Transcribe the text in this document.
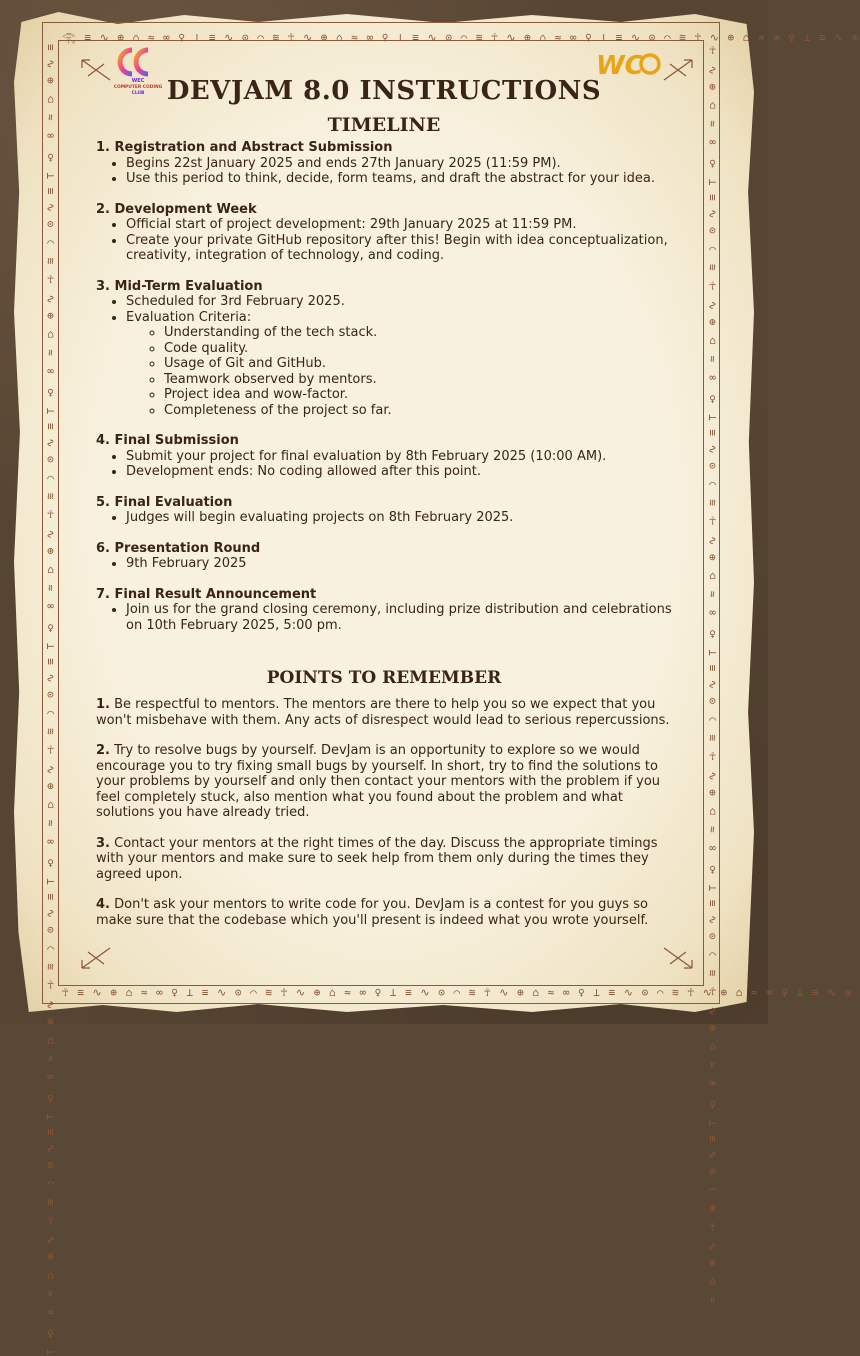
𓂀 ≡ ∿ ⊕ ⌂ ≈ ∞ ♀ ⊥ ≡ ∿ ⊙ ⌒ ≋ ☥ ∿ ⊕ ⌂ ≈ ∞ ♀ ⊥ ≡ ∿ ⊙ ⌒ ≋ ☥ ∿ ⊕ ⌂ ≈ ∞ ♀ ⊥ ≡ ∿ ⊙ ⌒ ≋ ☥ ∿ ⊕ ⌂ ≈ ∞ ♀ ⊥ ≡ ∿ ⊙
☥ ≡ ∿ ⊕ ⌂ ≈ ∞ ♀ ⊥ ≡ ∿ ⊙ ⌒ ≋ ☥ ∿ ⊕ ⌂ ≈ ∞ ♀ ⊥ ≡ ∿ ⊙ ⌒ ≋ ☥ ∿ ⊕ ⌂ ≈ ∞ ♀ ⊥ ≡ ∿ ⊙ ⌒ ≋ ☥ ∿ ⊕ ⌂ ≈ ∞ ♀ ⊥ ≡ ∿ ⊙
≡ ∿ ⊕ ⌂ ≈ ∞ ♀ ⊥ ≡ ∿ ⊙ ⌒ ≋ ☥ ∿ ⊕ ⌂ ≈ ∞ ♀ ⊥ ≡ ∿ ⊙ ⌒ ≋ ☥ ∿ ⊕ ⌂ ≈ ∞ ♀ ⊥ ≡ ∿ ⊙ ⌒ ≋ ☥ ∿ ⊕ ⌂ ≈ ∞ ♀ ⊥ ≡ ∿ ⊙ ⌒ ≋ ☥ ∿ ⊕ ⌂ ≈ ∞ ♀ ⊥ ≡ ∿ ⊙ ⌒ ≋ ☥ ∿ ⊕ ⌂ ≈ ∞ ♀ ⊥	☥ ∿ ⊕ ⌂ ≈ ∞ ♀ ⊥ ≡ ∿ ⊙ ⌒ ≋ ☥ ∿ ⊕ ⌂ ≈ ∞ ♀ ⊥ ≡ ∿ ⊙ ⌒ ≋ ☥ ∿ ⊕ ⌂ ≈ ∞ ♀ ⊥ ≡ ∿ ⊙ ⌒ ≋ ☥ ∿ ⊕ ⌂ ≈ ∞ ♀ ⊥ ≡ ∿ ⊙ ⌒ ≋ ☥ ∿ ⊕ ⌂ ≈ ∞ ♀ ⊥ ≡ ∿ ⊙ ⌒ ≋ ☥ ∿ ⊕ ⌂ ≈
WEC
COMPUTER CODING
CLUB
WC
DEVJAM 8.0 INSTRUCTIONS
TIMELINE

1. Registration and Abstract Submission

• Begins 22st January 2025 and ends 27th January 2025 (11:59 PM).
• Use this period to think, decide, form teams, and draft the abstract for your idea.

2. Development Week

• Official start of project development: 29th January 2025 at 11:59 PM.
• Create your private GitHub repository after this! Begin with idea conceptualization, creativity, integration of technology, and coding.

3. Mid-Term Evaluation

• Scheduled for 3rd February 2025.
• Evaluation Criteria:
◦ Understanding of the tech stack.
◦ Code quality.
◦ Usage of Git and GitHub.
◦ Teamwork observed by mentors.
◦ Project idea and wow-factor.
◦ Completeness of the project so far.

4. Final Submission

• Submit your project for final evaluation by 8th February 2025 (10:00 AM).
• Development ends: No coding allowed after this point.

5. Final Evaluation

• Judges will begin evaluating projects on 8th February 2025.

6. Presentation Round

• 9th February 2025

7. Final Result Announcement

• Join us for the grand closing ceremony, including prize distribution and celebrations on 10th February 2025, 5:00 pm.
POINTS TO REMEMBER

1. Be respectful to mentors. The mentors are there to help you so we expect that you won't misbehave with them. Any acts of disrespect would lead to serious repercussions.

2. Try to resolve bugs by yourself. DevJam is an opportunity to explore so we would encourage you to try fixing small bugs by yourself. In short, try to find the solutions to your problems by yourself and only then contact your mentors with the problem if you feel completely stuck, also mention what you found about the problem and what solutions you have already tried.

3. Contact your mentors at the right times of the day. Discuss the appropriate timings with your mentors and make sure to seek help from them only during the times they agreed upon.

4. Don't ask your mentors to write code for you. DevJam is a contest for you guys so make sure that the codebase which you'll present is indeed what you wrote yourself.
